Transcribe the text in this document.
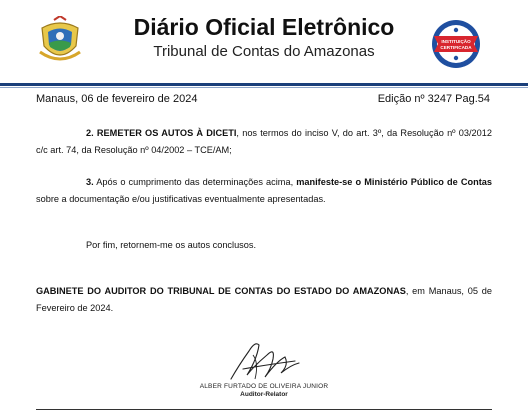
Diário Oficial Eletrônico
Tribunal de Contas do Amazonas
INSTITUIÇÃO
CERTIFICADA
Manaus, 06 de fevereiro de 2024	Edição nº 3247 Pag.54
2. REMETER OS AUTOS À DICETI, nos termos do inciso V, do art. 3º, da Resolução nº 03/2012 c/c art. 74, da Resolução nº 04/2002 – TCE/AM;
3. Após o cumprimento das determinações acima, manifeste-se o Ministério Público de Contas sobre a documentação e/ou justificativas eventualmente apresentadas.
Por fim, retornem-me os autos conclusos.
GABINETE DO AUDITOR DO TRIBUNAL DE CONTAS DO ESTADO DO AMAZONAS, em Manaus, 05 de Fevereiro de 2024.
ALBER FURTADO DE OLIVEIRA JUNIOR
Auditor-Relator
